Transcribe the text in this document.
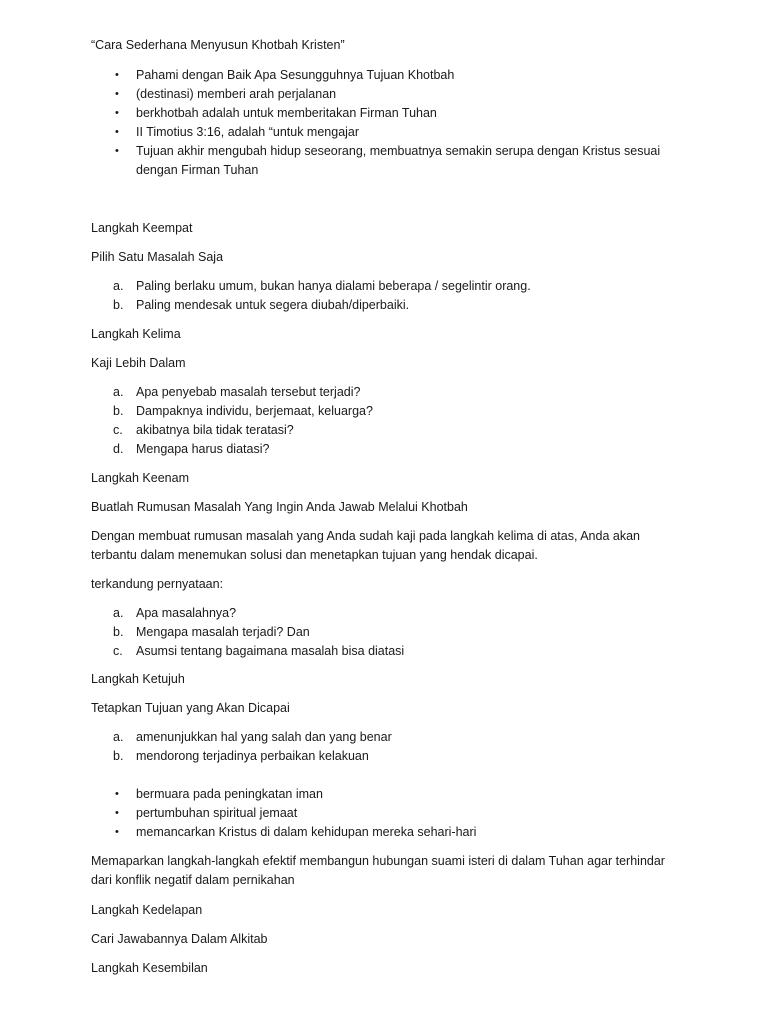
“Cara Sederhana Menyusun Khotbah Kristen”

•	Pahami dengan Baik Apa Sesungguhnya Tujuan Khotbah
•	(destinasi) memberi arah perjalanan
•	berkhotbah adalah untuk memberitakan Firman Tuhan
•	II Timotius 3:16, adalah “untuk mengajar
•	Tujuan akhir mengubah hidup seseorang, membuatnya semakin serupa dengan Kristus sesuai
dengan Firman Tuhan

Langkah Keempat

Pilih Satu Masalah Saja

a.	Paling berlaku umum, bukan hanya dialami beberapa / segelintir orang.
b.	Paling mendesak untuk segera diubah/diperbaiki.

Langkah Kelima

Kaji Lebih Dalam

a.	Apa penyebab masalah tersebut terjadi?
b.	Dampaknya individu, berjemaat, keluarga?
c.	akibatnya bila tidak teratasi?
d.	Mengapa harus diatasi?

Langkah Keenam

Buatlah Rumusan Masalah Yang Ingin Anda Jawab Melalui Khotbah

Dengan membuat rumusan masalah yang Anda sudah kaji pada langkah kelima di atas, Anda akan

terbantu dalam menemukan solusi dan menetapkan tujuan yang hendak dicapai.

terkandung pernyataan:

a.	Apa masalahnya?
b.	Mengapa masalah terjadi? Dan
c.	Asumsi tentang bagaimana masalah bisa diatasi

Langkah Ketujuh

Tetapkan Tujuan yang Akan Dicapai

a.	amenunjukkan hal yang salah dan yang benar
b.	mendorong terjadinya perbaikan kelakuan
•	bermuara pada peningkatan iman
•	pertumbuhan spiritual jemaat
•	memancarkan Kristus di dalam kehidupan mereka sehari-hari

Memaparkan langkah-langkah efektif membangun hubungan suami isteri di dalam Tuhan agar terhindar

dari konflik negatif dalam pernikahan

Langkah Kedelapan

Cari Jawabannya Dalam Alkitab

Langkah Kesembilan
